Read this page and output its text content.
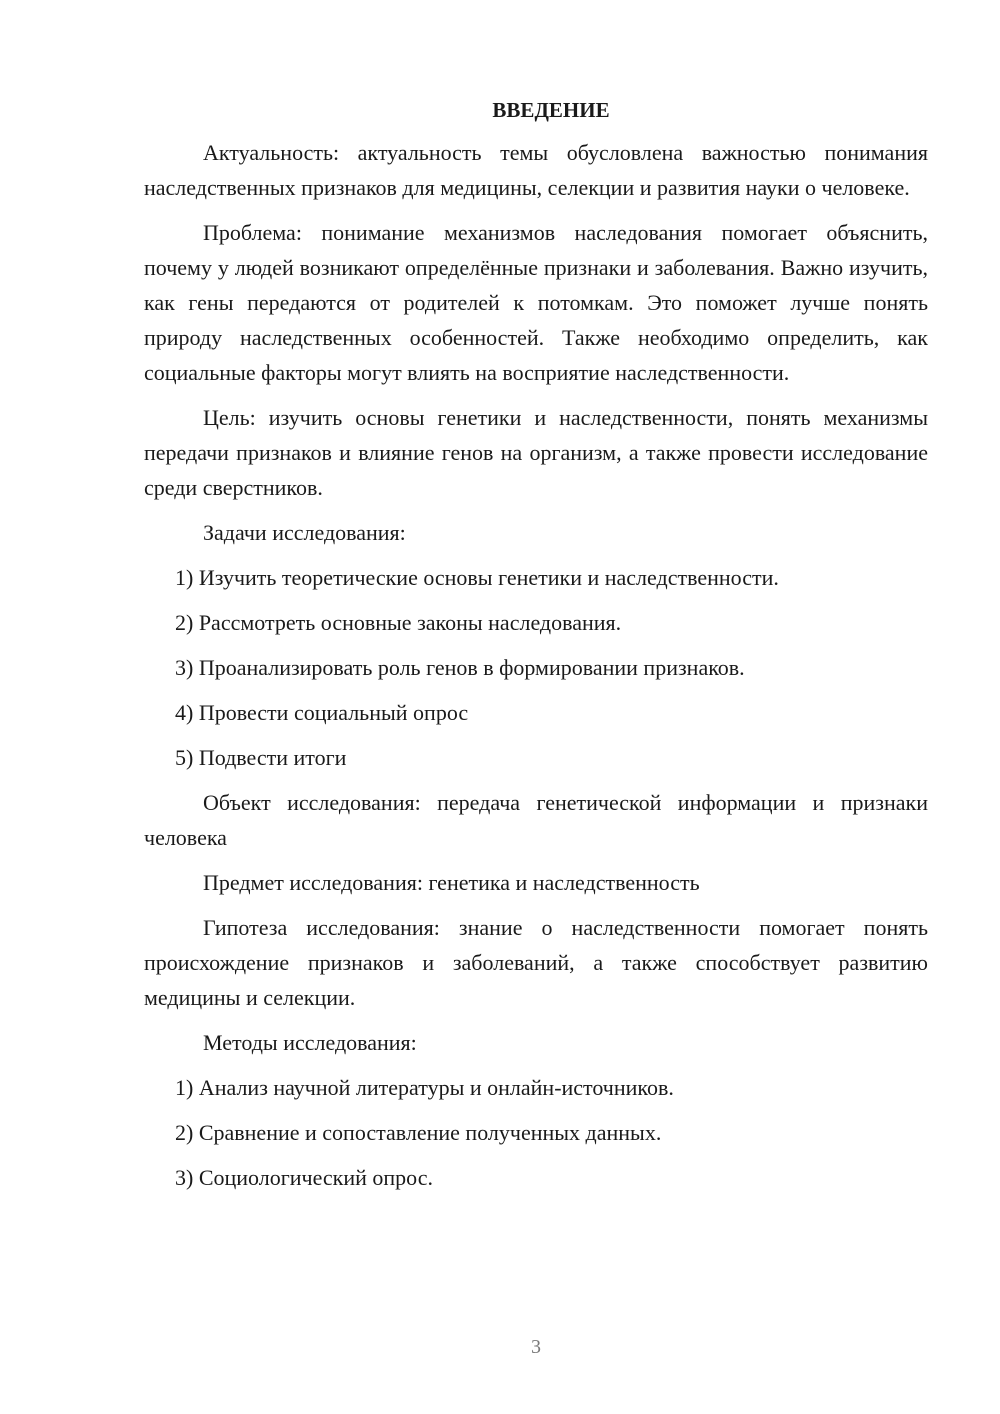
ВВЕДЕНИЕ

Актуальность: актуальность темы обусловлена важностью понимания наследственных признаков для медицины, селекции и развития науки о человеке.

Проблема: понимание механизмов наследования помогает объяснить, почему у людей возникают определённые признаки и заболевания. Важно изучить, как гены передаются от родителей к потомкам. Это поможет лучше понять природу наследственных особенностей. Также необходимо определить, как социальные факторы могут влиять на восприятие наследственности.

Цель: изучить основы генетики и наследственности, понять механизмы передачи признаков и влияние генов на организм, а также провести исследование среди сверстников.

Задачи исследования:

1) Изучить теоретические основы генетики и наследственности.
2) Рассмотреть основные законы наследования.
3) Проанализировать роль генов в формировании признаков.
4) Провести социальный опрос
5) Подвести итоги

Объект исследования: передача генетической информации и признаки человека

Предмет исследования: генетика и наследственность

Гипотеза исследования: знание о наследственности помогает понять происхождение признаков и заболеваний, а также способствует развитию медицины и селекции.

Методы исследования:

1) Анализ научной литературы и онлайн-источников.
2) Сравнение и сопоставление полученных данных.
3) Социологический опрос.
3
